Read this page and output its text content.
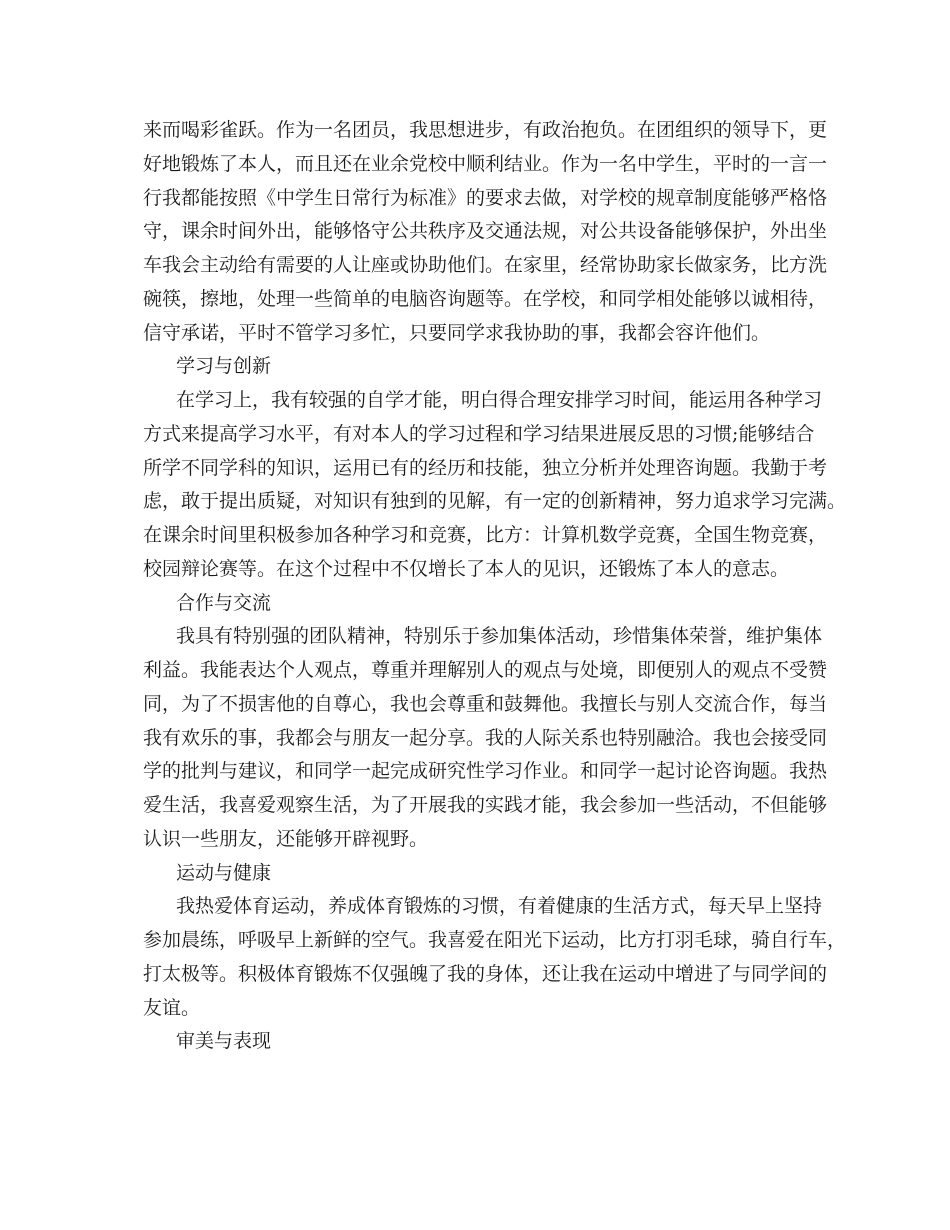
来而喝彩雀跃。作为一名团员，我思想进步，有政治抱负。在团组织的领导下，更
好地锻炼了本人，而且还在业余党校中顺利结业。作为一名中学生，平时的一言一
行我都能按照《中学生日常行为标准》的要求去做，对学校的规章制度能够严格恪
守，课余时间外出，能够恪守公共秩序及交通法规，对公共设备能够保护，外出坐
车我会主动给有需要的人让座或协助他们。在家里，经常协助家长做家务，比方洗
碗筷，擦地，处理一些简单的电脑咨询题等。在学校，和同学相处能够以诚相待，
信守承诺，平时不管学习多忙，只要同学求我协助的事，我都会容许他们。
学习与创新
在学习上，我有较强的自学才能，明白得合理安排学习时间，能运用各种学习
方式来提高学习水平，有对本人的学习过程和学习结果进展反思的习惯;能够结合
所学不同学科的知识，运用已有的经历和技能，独立分析并处理咨询题。我勤于考
虑，敢于提出质疑，对知识有独到的见解，有一定的创新精神，努力追求学习完满。
在课余时间里积极参加各种学习和竞赛，比方：计算机数学竞赛，全国生物竞赛，
校园辩论赛等。在这个过程中不仅增长了本人的见识，还锻炼了本人的意志。
合作与交流
我具有特别强的团队精神，特别乐于参加集体活动，珍惜集体荣誉，维护集体
利益。我能表达个人观点，尊重并理解别人的观点与处境，即便别人的观点不受赞
同，为了不损害他的自尊心，我也会尊重和鼓舞他。我擅长与别人交流合作，每当
我有欢乐的事，我都会与朋友一起分享。我的人际关系也特别融洽。我也会接受同
学的批判与建议，和同学一起完成研究性学习作业。和同学一起讨论咨询题。我热
爱生活，我喜爱观察生活，为了开展我的实践才能，我会参加一些活动，不但能够
认识一些朋友，还能够开辟视野。
运动与健康
我热爱体育运动，养成体育锻炼的习惯，有着健康的生活方式，每天早上坚持
参加晨练，呼吸早上新鲜的空气。我喜爱在阳光下运动，比方打羽毛球，骑自行车，
打太极等。积极体育锻炼不仅强魄了我的身体，还让我在运动中增进了与同学间的
友谊。
审美与表现
